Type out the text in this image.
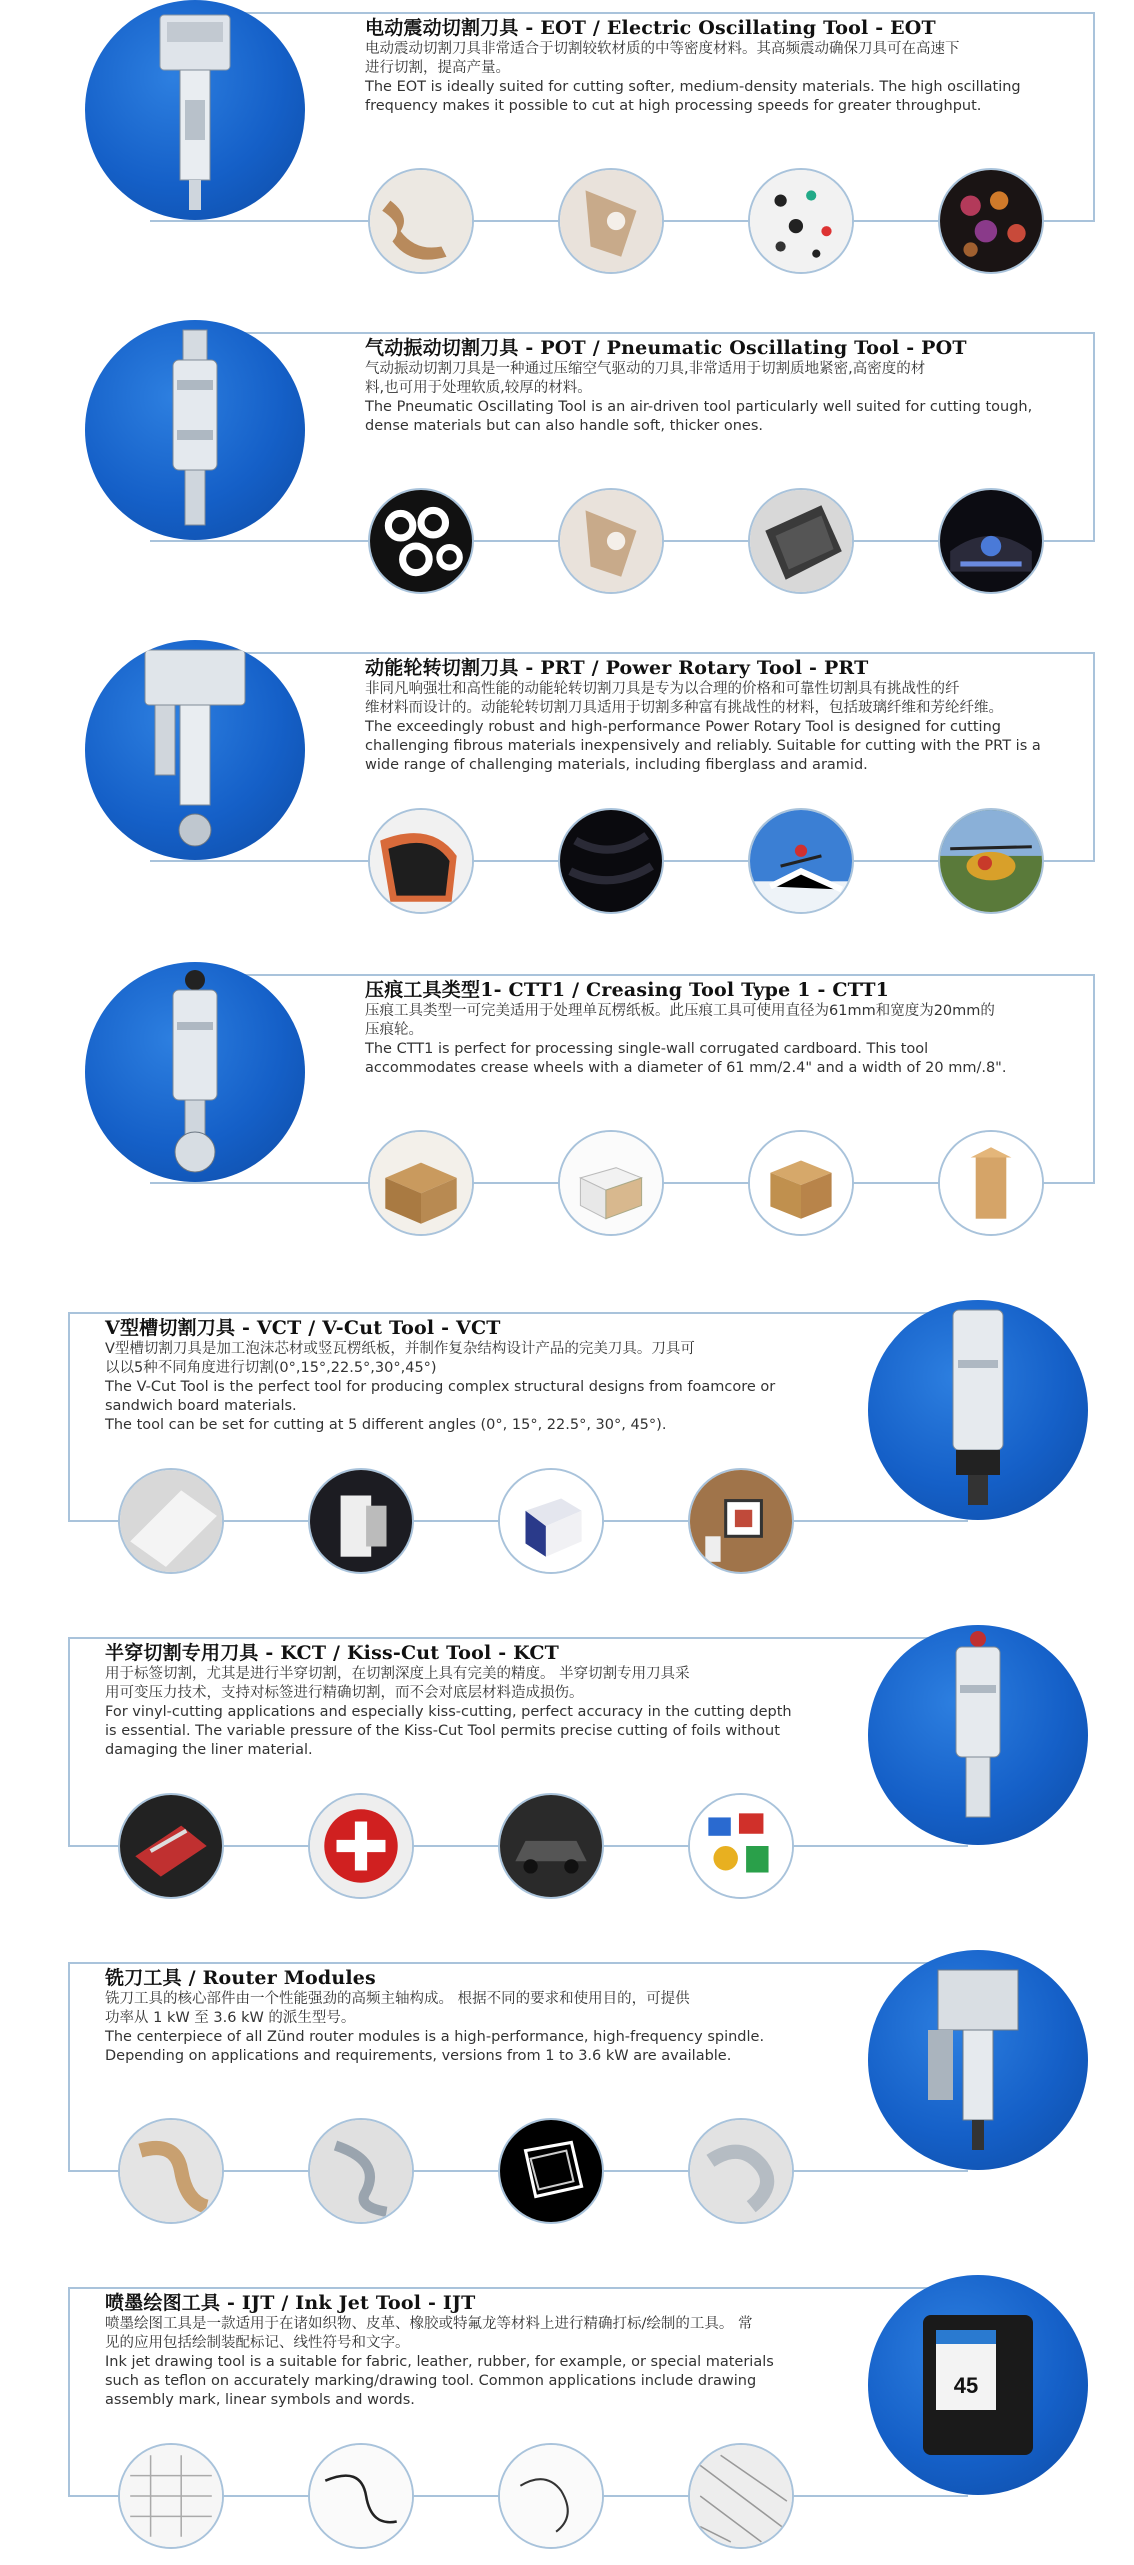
电动震动切割刀具 - EOT / Electric Oscillating Tool - EOT
电动震动切割刀具非常适合于切割较软材质的中等密度材料。其高频震动确保刀具可在高速下
进行切割，提高产量。
The EOT is ideally suited for cutting softer, medium-density materials. The high oscillating
frequency makes it possible to cut at high processing speeds for greater throughput.
气动振动切割刀具 - POT / Pneumatic Oscillating Tool - POT
气动振动切割刀具是一种通过压缩空气驱动的刀具,非常适用于切割质地紧密,高密度的材
料,也可用于处理软质,较厚的材料。
The Pneumatic Oscillating Tool is an air-driven tool particularly well suited for cutting tough,
dense materials but can also handle soft, thicker ones.
动能轮转切割刀具 - PRT / Power Rotary Tool - PRT
非同凡响强壮和高性能的动能轮转切割刀具是专为以合理的价格和可靠性切割具有挑战性的纤
维材料而设计的。动能轮转切割刀具适用于切割多种富有挑战性的材料，包括玻璃纤维和芳纶纤维。
The exceedingly robust and high-performance Power Rotary Tool is designed for cutting
challenging fibrous materials inexpensively and reliably. Suitable for cutting with the PRT is a
wide range of challenging materials, including fiberglass and aramid.
压痕工具类型1- CTT1 / Creasing Tool Type 1 - CTT1
压痕工具类型一可完美适用于处理单瓦楞纸板。此压痕工具可使用直径为61mm和宽度为20mm的
压痕轮。
The CTT1 is perfect for processing single-wall corrugated cardboard. This tool
accommodates crease wheels with a diameter of 61 mm/2.4" and a width of 20 mm/.8".
V型槽切割刀具 - VCT / V-Cut Tool - VCT
V型槽切割刀具是加工泡沫芯材或竖瓦楞纸板，并制作复杂结构设计产品的完美刀具。刀具可
以以5种不同角度进行切割(0°,15°,22.5°,30°,45°)
The V-Cut Tool is the perfect tool for producing complex structural designs from foamcore or
sandwich board materials.
The tool can be set for cutting at 5 different angles (0°, 15°, 22.5°, 30°, 45°).
半穿切割专用刀具 - KCT / Kiss-Cut Tool - KCT
用于标签切割，尤其是进行半穿切割，在切割深度上具有完美的精度。 半穿切割专用刀具采
用可变压力技术，支持对标签进行精确切割，而不会对底层材料造成损伤。
For vinyl-cutting applications and especially kiss-cutting, perfect accuracy in the cutting depth
is essential. The variable pressure of the Kiss-Cut Tool permits precise cutting of foils without
damaging the liner material.
铣刀工具 / Router Modules
铣刀工具的核心部件由一个性能强劲的高频主轴构成。 根据不同的要求和使用目的，可提供
功率从 1 kW 至 3.6 kW 的派生型号。
The centerpiece of all Zünd router modules is a high-performance, high-frequency spindle.
Depending on applications and requirements, versions from 1 to 3.6 kW are available.
45
喷墨绘图工具 - IJT / Ink Jet Tool - IJT
喷墨绘图工具是一款适用于在诸如织物、皮革、橡胶或特氟龙等材料上进行精确打标/绘制的工具。 常
见的应用包括绘制装配标记、线性符号和文字。
Ink jet drawing tool is a suitable for fabric, leather, rubber, for example, or special materials
such as teflon on accurately marking/drawing tool. Common applications include drawing
assembly mark, linear symbols and words.
